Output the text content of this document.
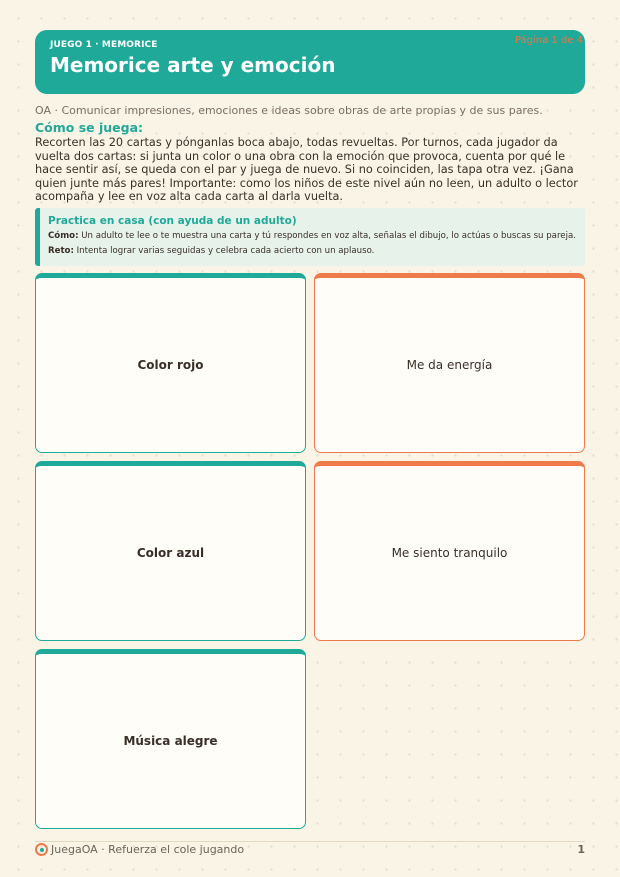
JUEGO 1 · MEMORICE
Memorice arte y emoción
Página 1 de 4
OA · Comunicar impresiones, emociones e ideas sobre obras de arte propias y de sus pares.
Cómo se juega:
Recorten las 20 cartas y pónganlas boca abajo, todas revueltas. Por turnos, cada jugador da vuelta dos cartas: si junta un color o una obra con la emoción que provoca, cuenta por qué le hace sentir así, se queda con el par y juega de nuevo. Si no coinciden, las tapa otra vez. ¡Gana quien junte más pares! Importante: como los niños de este nivel aún no leen, un adulto o lector acompaña y lee en voz alta cada carta al darla vuelta.
Practica en casa (con ayuda de un adulto)
Cómo: Un adulto te lee o te muestra una carta y tú respondes en voz alta, señalas el dibujo, lo actúas o buscas su pareja.
Reto: Intenta lograr varias seguidas y celebra cada acierto con un aplauso.
Color rojo	Me da energía
Color azul	Me siento tranquilo
Música alegre
JuegaOA · Refuerza el cole jugando	1
